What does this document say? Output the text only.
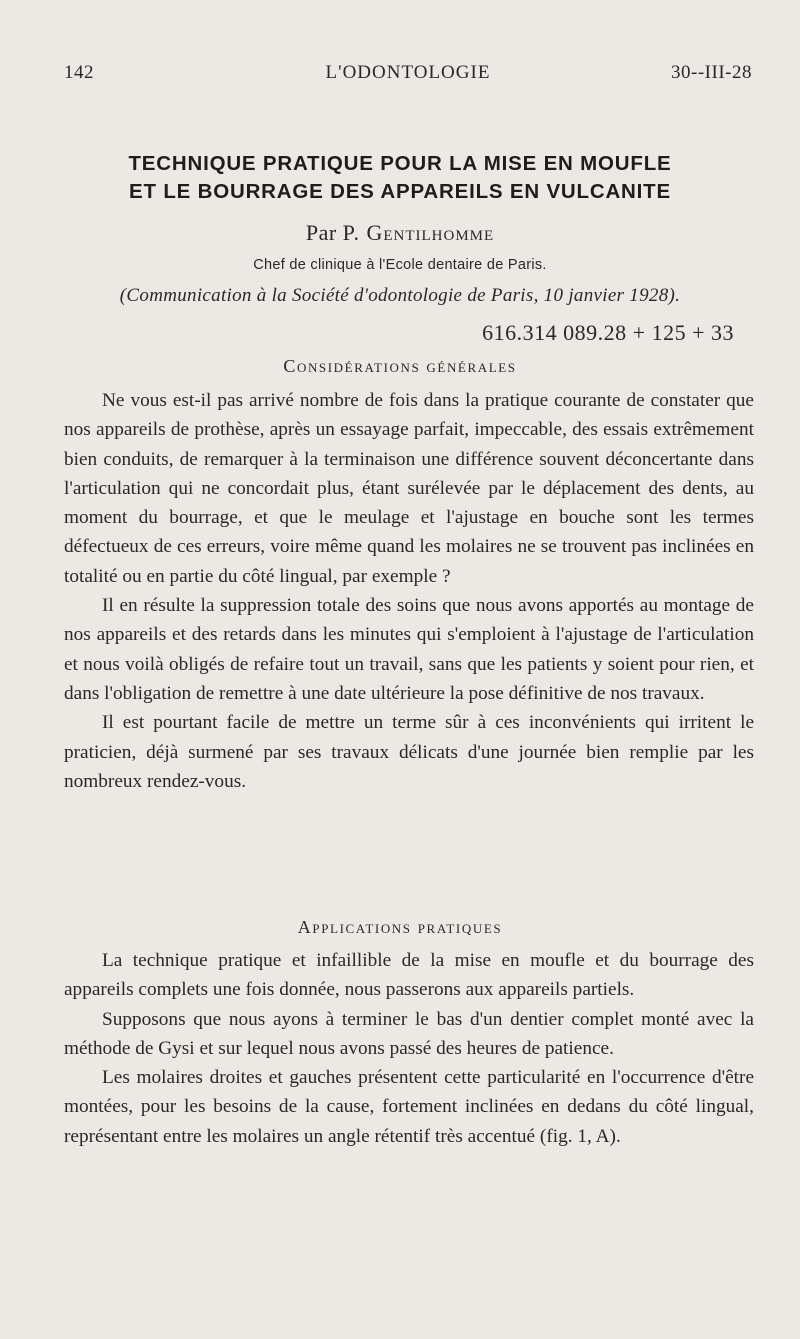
142	L'ODONTOLOGIE	30--III-28
TECHNIQUE PRATIQUE POUR LA MISE EN MOUFLE
ET LE BOURRAGE DES APPAREILS EN VULCANITE
Par P. Gentilhomme
Chef de clinique à l'Ecole dentaire de Paris.
(Communication à la Société d'odontologie de Paris, 10 janvier 1928).
616.314 089.28 + 125 + 33
Considérations générales

Ne vous est-il pas arrivé nombre de fois dans la pratique courante de constater que nos appareils de prothèse, après un essayage parfait, impeccable, des essais extrêmement bien conduits, de remarquer à la terminaison une différence souvent déconcertante dans l'articulation qui ne concordait plus, étant surélevée par le déplacement des dents, au moment du bourrage, et que le meulage et l'ajustage en bouche sont les termes défectueux de ces erreurs, voire même quand les molaires ne se trouvent pas inclinées en totalité ou en partie du côté lingual, par exemple ?

Il en résulte la suppression totale des soins que nous avons apportés au montage de nos appareils et des retards dans les minutes qui s'emploient à l'ajustage de l'articulation et nous voilà obligés de refaire tout un travail, sans que les patients y soient pour rien, et dans l'obligation de remettre à une date ultérieure la pose définitive de nos travaux.

Il est pourtant facile de mettre un terme sûr à ces inconvénients qui irritent le praticien, déjà surmené par ses travaux délicats d'une journée bien remplie par les nombreux rendez-vous.

Applications pratiques

La technique pratique et infaillible de la mise en moufle et du bourrage des appareils complets une fois donnée, nous passerons aux appareils partiels.

Supposons que nous ayons à terminer le bas d'un dentier complet monté avec la méthode de Gysi et sur lequel nous avons passé des heures de patience.

Les molaires droites et gauches présentent cette particularité en l'occurrence d'être montées, pour les besoins de la cause, fortement inclinées en dedans du côté lingual, représentant entre les molaires un angle rétentif très accentué (fig. 1, A).
